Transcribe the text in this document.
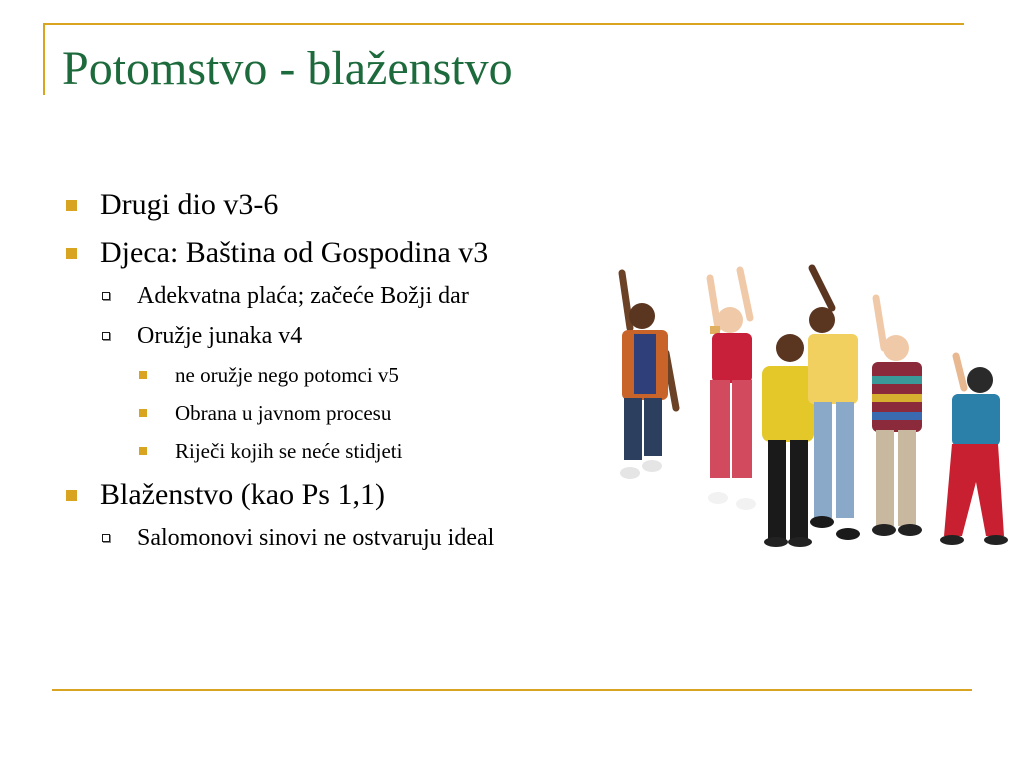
Potomstvo - blaženstvo
Drugi dio v3-6
Djeca: Baština od Gospodina v3
Adekvatna plaća; začeće Božji dar
Oružje junaka v4
ne oružje nego potomci v5
Obrana u javnom procesu
Riječi kojih se neće stidjeti
Blaženstvo (kao Ps 1,1)
Salomonovi sinovi ne ostvaruju ideal
